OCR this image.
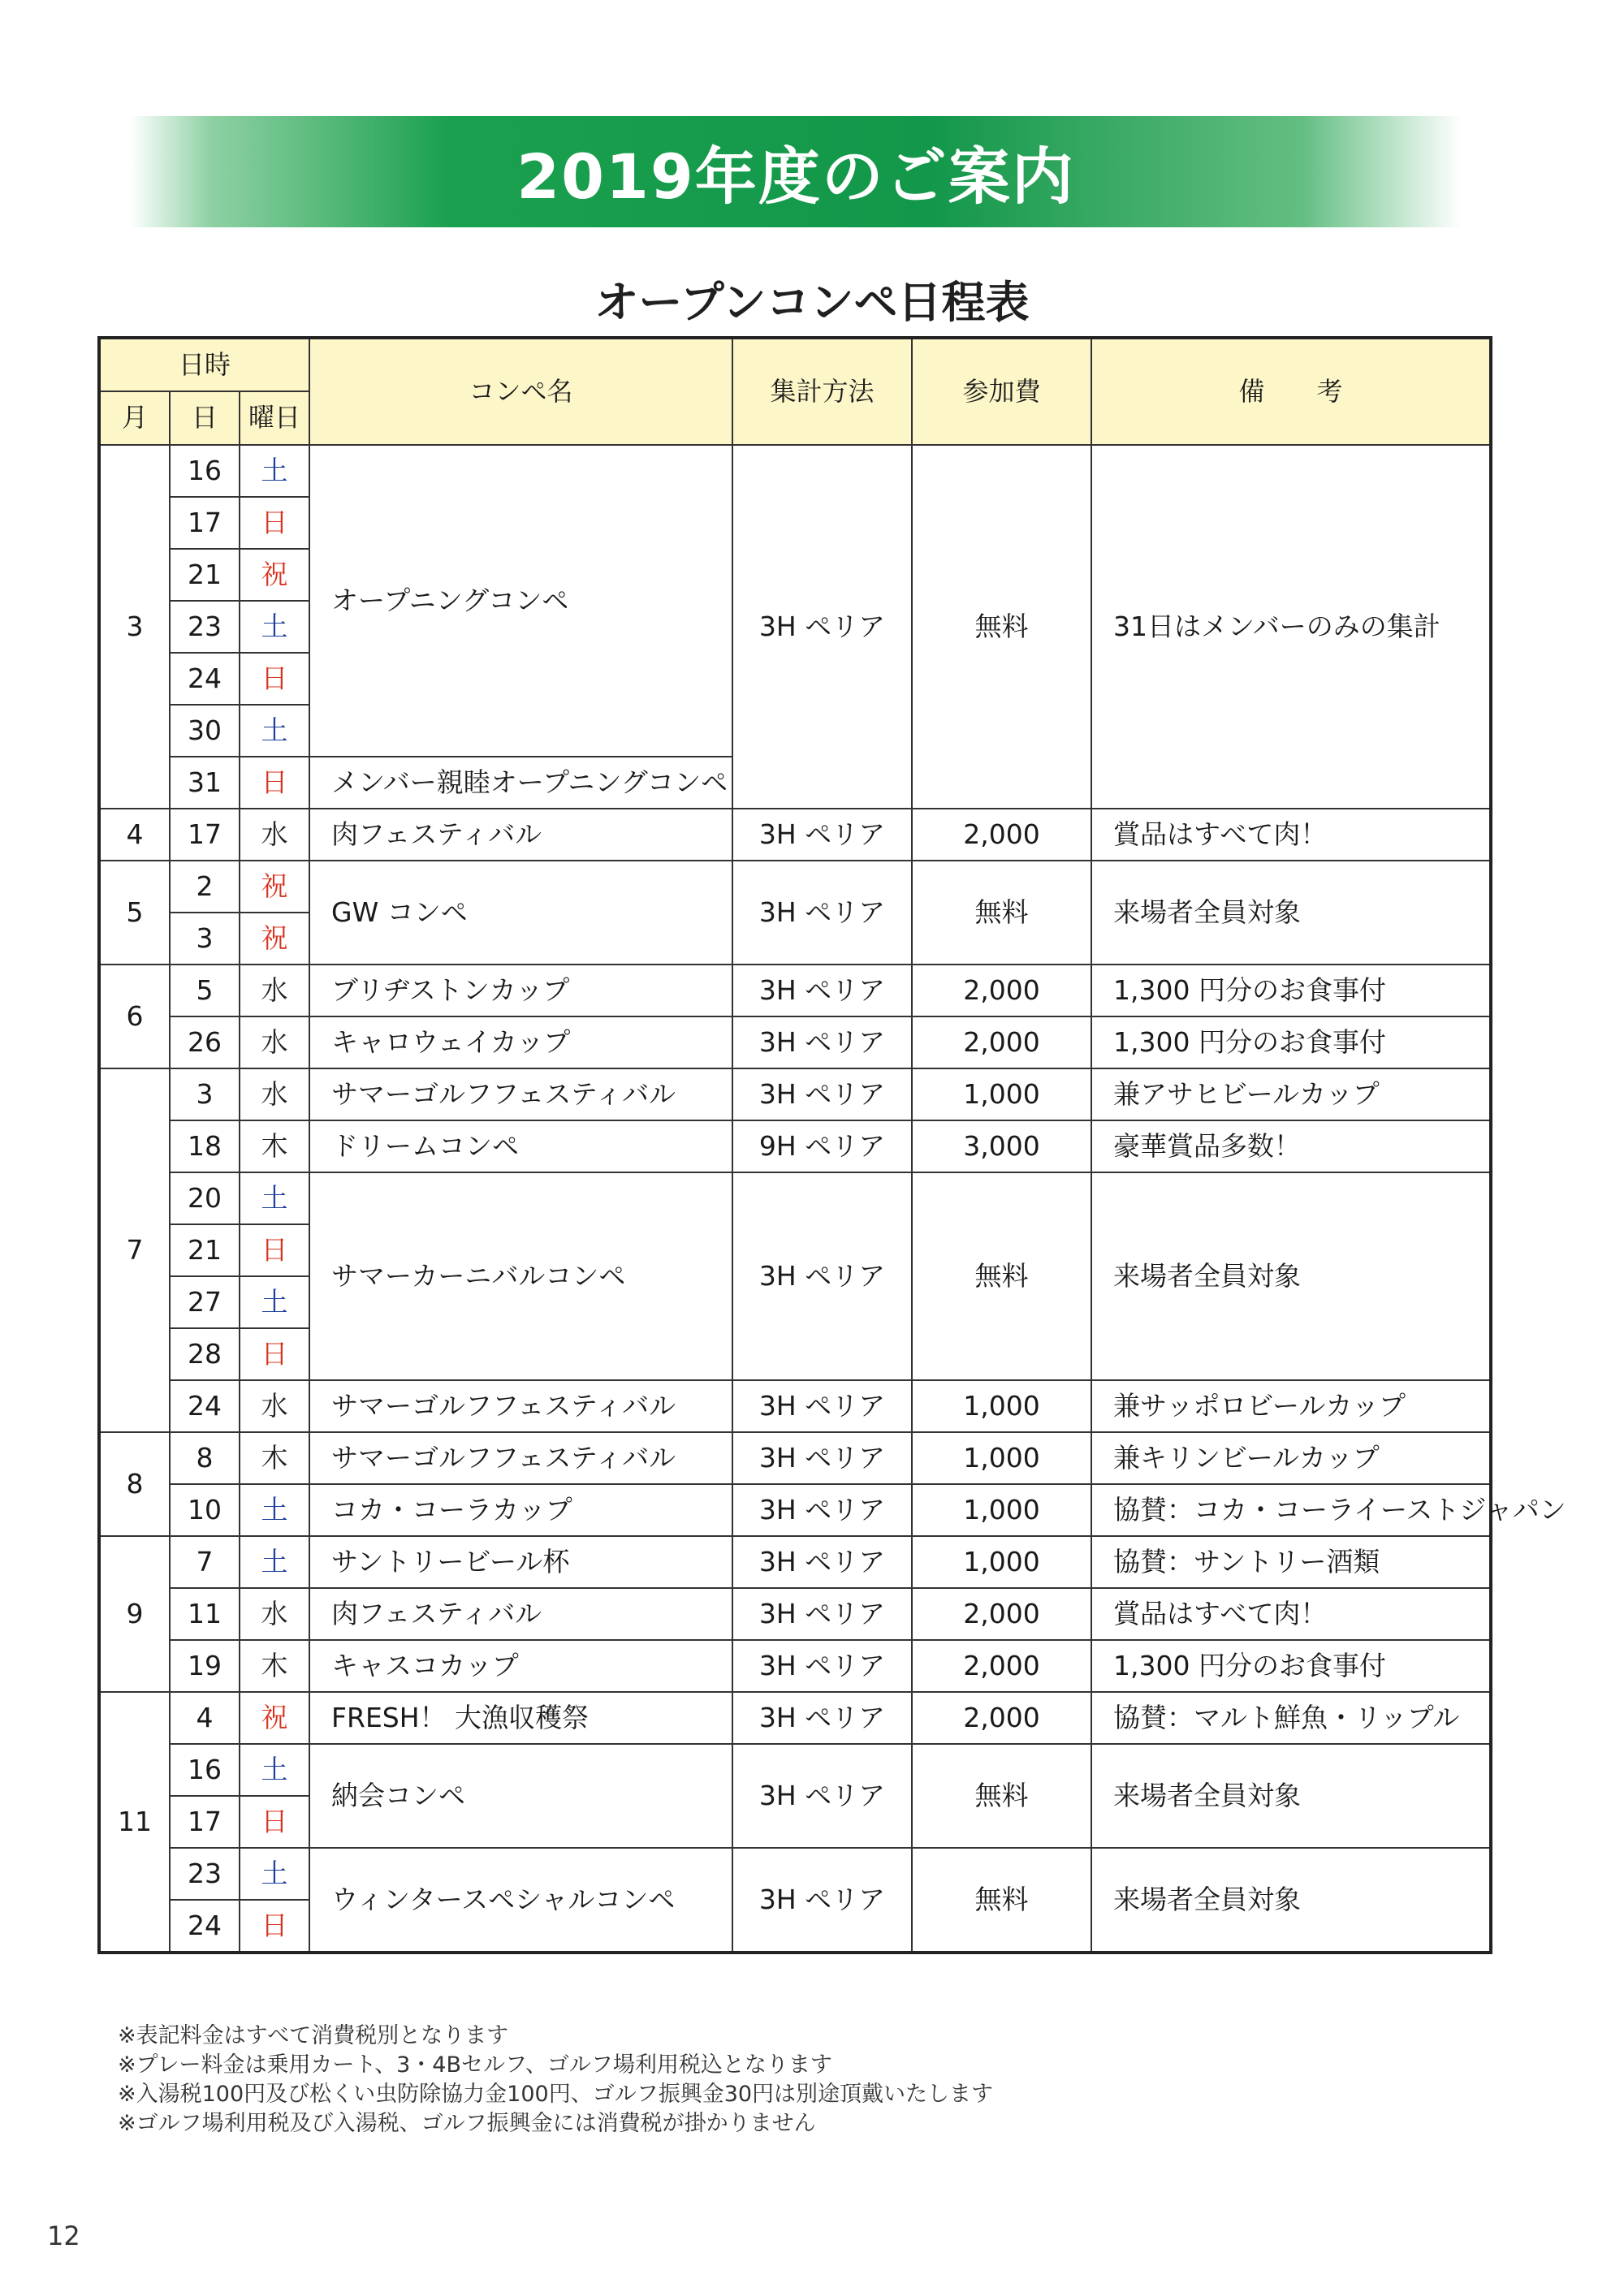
2019年度のご案内
オープンコンペ日程表
日時			コンペ名	集計方法	参加費	備　　考
月	日	曜日				
3	16	土	オープニングコンペ	3H ペリア	無料	31日はメンバーのみの集計
	17	日				
	21	祝				
	23	土				
	24	日				
	30	土				
	31	日	メンバー親睦オープニングコンペ			
4	17	水	肉フェスティバル	3H ペリア	2,000	賞品はすべて肉！
5	2	祝	GW コンペ	3H ペリア	無料	来場者全員対象
	3	祝				
6	5	水	ブリヂストンカップ	3H ペリア	2,000	1,300 円分のお食事付
	26	水	キャロウェイカップ	3H ペリア	2,000	1,300 円分のお食事付
7	3	水	サマーゴルフフェスティバル	3H ペリア	1,000	兼アサヒビールカップ
	18	木	ドリームコンペ	9H ペリア	3,000	豪華賞品多数！
	20	土	サマーカーニバルコンペ	3H ペリア	無料	来場者全員対象
	21	日				
	27	土				
	28	日				
	24	水	サマーゴルフフェスティバル	3H ペリア	1,000	兼サッポロビールカップ
8	8	木	サマーゴルフフェスティバル	3H ペリア	1,000	兼キリンビールカップ
	10	土	コカ・コーラカップ	3H ペリア	1,000	協賛：コカ・コーライーストジャパン
9	7	土	サントリービール杯	3H ペリア	1,000	協賛：サントリー酒類
	11	水	肉フェスティバル	3H ペリア	2,000	賞品はすべて肉！
	19	木	キャスコカップ	3H ペリア	2,000	1,300 円分のお食事付
11	4	祝	FRESH！ 大漁収穫祭	3H ペリア	2,000	協賛：マルト鮮魚・リップル
	16	土	納会コンペ	3H ペリア	無料	来場者全員対象
	17	日				
	23	土	ウィンタースペシャルコンペ	3H ペリア	無料	来場者全員対象
	24	日				
※表記料金はすべて消費税別となります
※プレー料金は乗用カート、3・4Bセルフ、ゴルフ場利用税込となります
※入湯税100円及び松くい虫防除協力金100円、ゴルフ振興金30円は別途頂戴いたします
※ゴルフ場利用税及び入湯税、ゴルフ振興金には消費税が掛かりません
12
